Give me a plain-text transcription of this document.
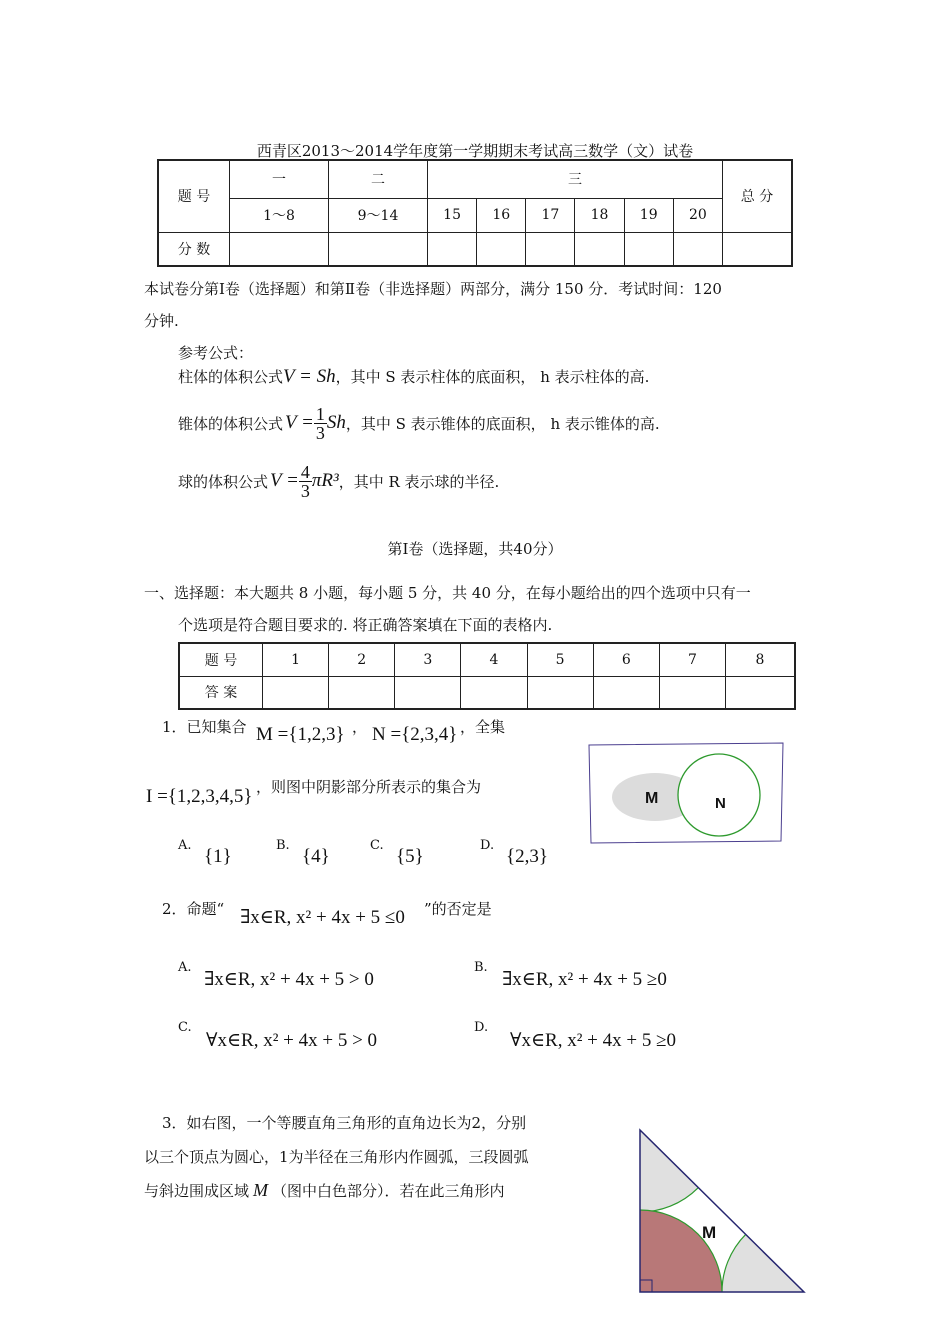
西青区2013～2014学年度第一学期期末考试高三数学（文）试卷
题 号	一	二	三						总 分
	1～8	9～14	15	16	17	18	19	20	
分 数									
本试卷分第Ⅰ卷（选择题）和第Ⅱ卷（非选择题）两部分，满分 150 分．考试时间：120
分钟.
参考公式：
柱体的体积公式V = Sh，其中 S 表示柱体的底面积， h 表示柱体的高.
锥体的体积公式 $V = \frac{1}{3}$ Sh ，其中 S 表示锥体的底面积， h 表示锥体的高.
球的体积公式 $V = \frac{4}{3} \pi R^3$ ，其中 R 表示球的半径.
第Ⅰ卷（选择题，共40分）
一、选择题：本大题共 8 小题，每小题 5 分，共 40 分，在每小题给出的四个选项中只有一
个选项是符合题目要求的. 将正确答案填在下面的表格内.
题 号	1	2	3	4	5	6	7	8
答 案								
1．已知集合 M ={1,2,3} ， N ={2,3,4} ，全集
I ={1,2,3,4,5} ，则图中阴影部分所表示的集合为
M	N
A.
{1}
B.
{4}
C.
{5}
D.
{2,3}
2．命题“ ∃x∈R, x² + 4x + 5 ≤0 ”的否定是
A.
∃x∈R, x² + 4x + 5 > 0
B.
∃x∈R, x² + 4x + 5 ≥0
C.
∀x∈R, x² + 4x + 5 > 0
D.
∀x∈R, x² + 4x + 5 ≥0
3．如右图，一个等腰直角三角形的直角边长为2，分别
以三个顶点为圆心，1为半径在三角形内作圆弧，三段圆弧
与斜边围成区域 M （图中白色部分）．若在此三角形内
M
